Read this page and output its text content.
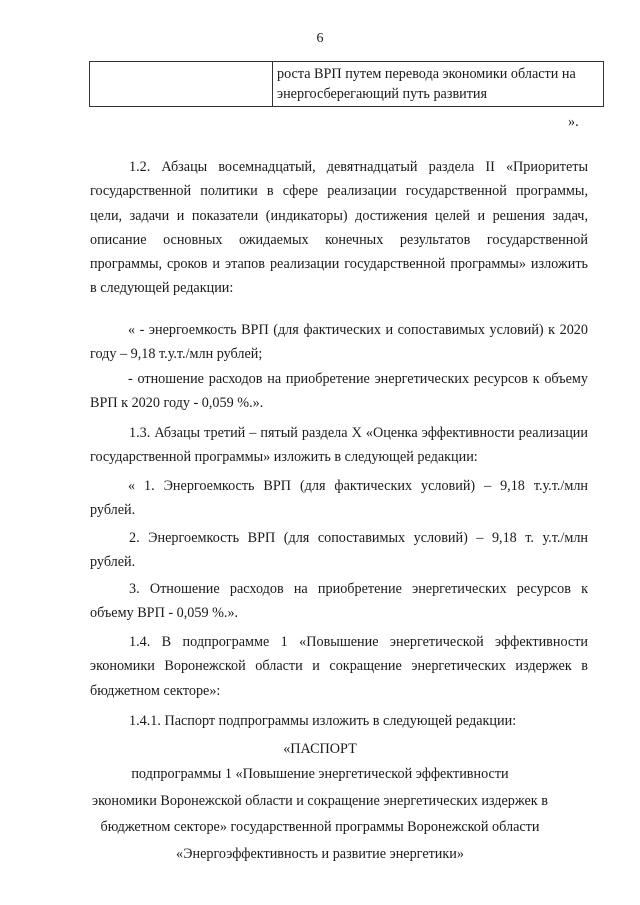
6
	роста ВРП путем перевода экономики области на энергосберегающий путь развития
».

1.2. Абзацы восемнадцатый, девятнадцатый раздела II «Приоритеты государственной политики в сфере реализации государственной программы, цели, задачи и показатели (индикаторы) достижения целей и решения задач, описание основных ожидаемых конечных результатов государственной программы, сроков и этапов реализации государственной программы» изложить в следующей редакции:

« - энергоемкость ВРП (для фактических и сопоставимых условий) к 2020 году – 9,18 т.у.т./млн рублей;

- отношение расходов на приобретение энергетических ресурсов к объему ВРП к 2020 году - 0,059 %.».

1.3. Абзацы третий – пятый раздела X «Оценка эффективности реализации государственной программы» изложить в следующей редакции:

« 1. Энергоемкость ВРП (для фактических условий) – 9,18 т.у.т./млн рублей.

2. Энергоемкость ВРП (для сопоставимых условий) – 9,18 т. у.т./млн рублей.

3. Отношение расходов на приобретение энергетических ресурсов к объему ВРП - 0,059 %.».

1.4. В подпрограмме 1 «Повышение энергетической эффективности экономики Воронежской области и сокращение энергетических издержек в бюджетном секторе»:

1.4.1. Паспорт подпрограммы изложить в следующей редакции:

«ПАСПОРТ

подпрограммы 1 «Повышение энергетической эффективности

экономики Воронежской области и сокращение энергетических издержек в

бюджетном секторе» государственной программы Воронежской области

«Энергоэффективность и развитие энергетики»
